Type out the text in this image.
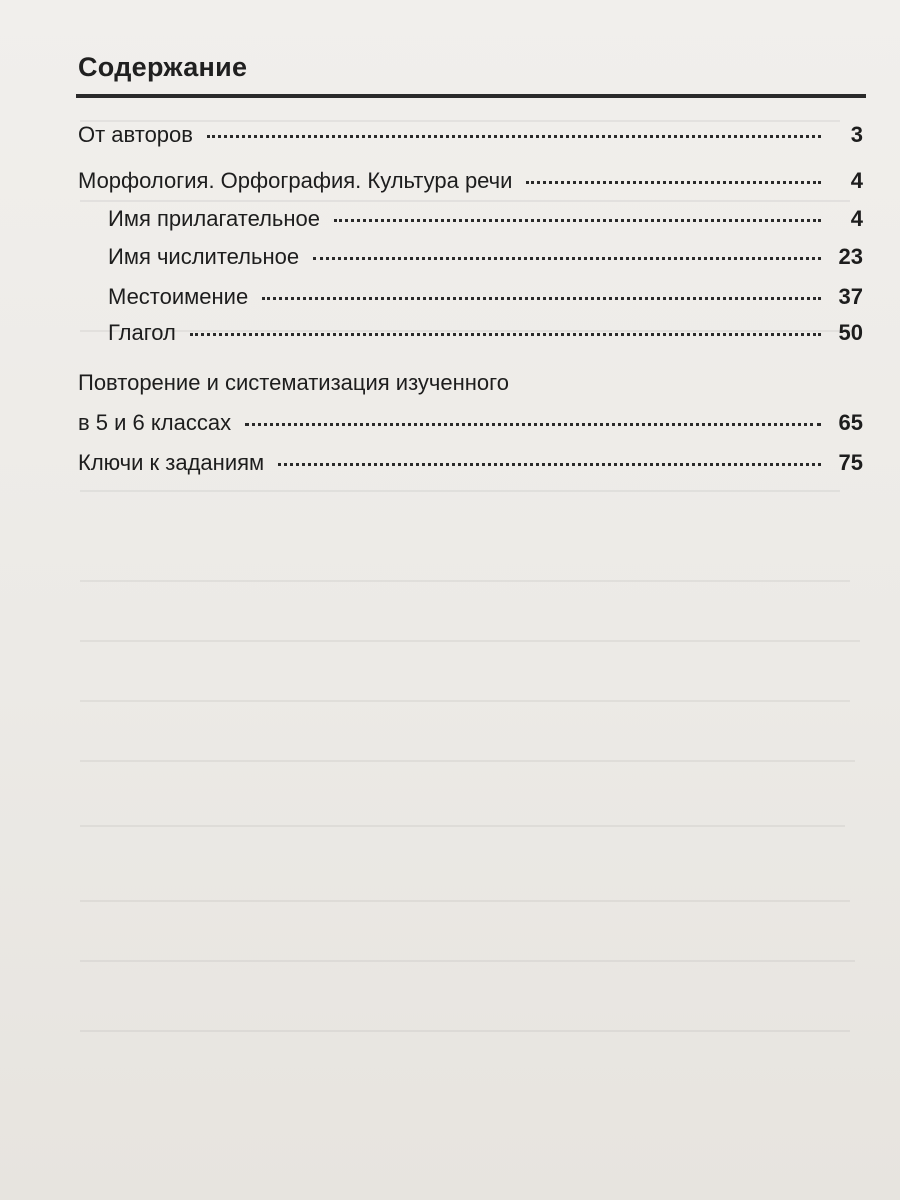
Содержание
От авторов	3
Морфология. Орфография. Культура речи	4
Имя прилагательное	4
Имя числительное	23
Местоимение	37
Глагол	50
Повторение и систематизация изученного
в 5 и 6 классах	65
Ключи к заданиям	75
